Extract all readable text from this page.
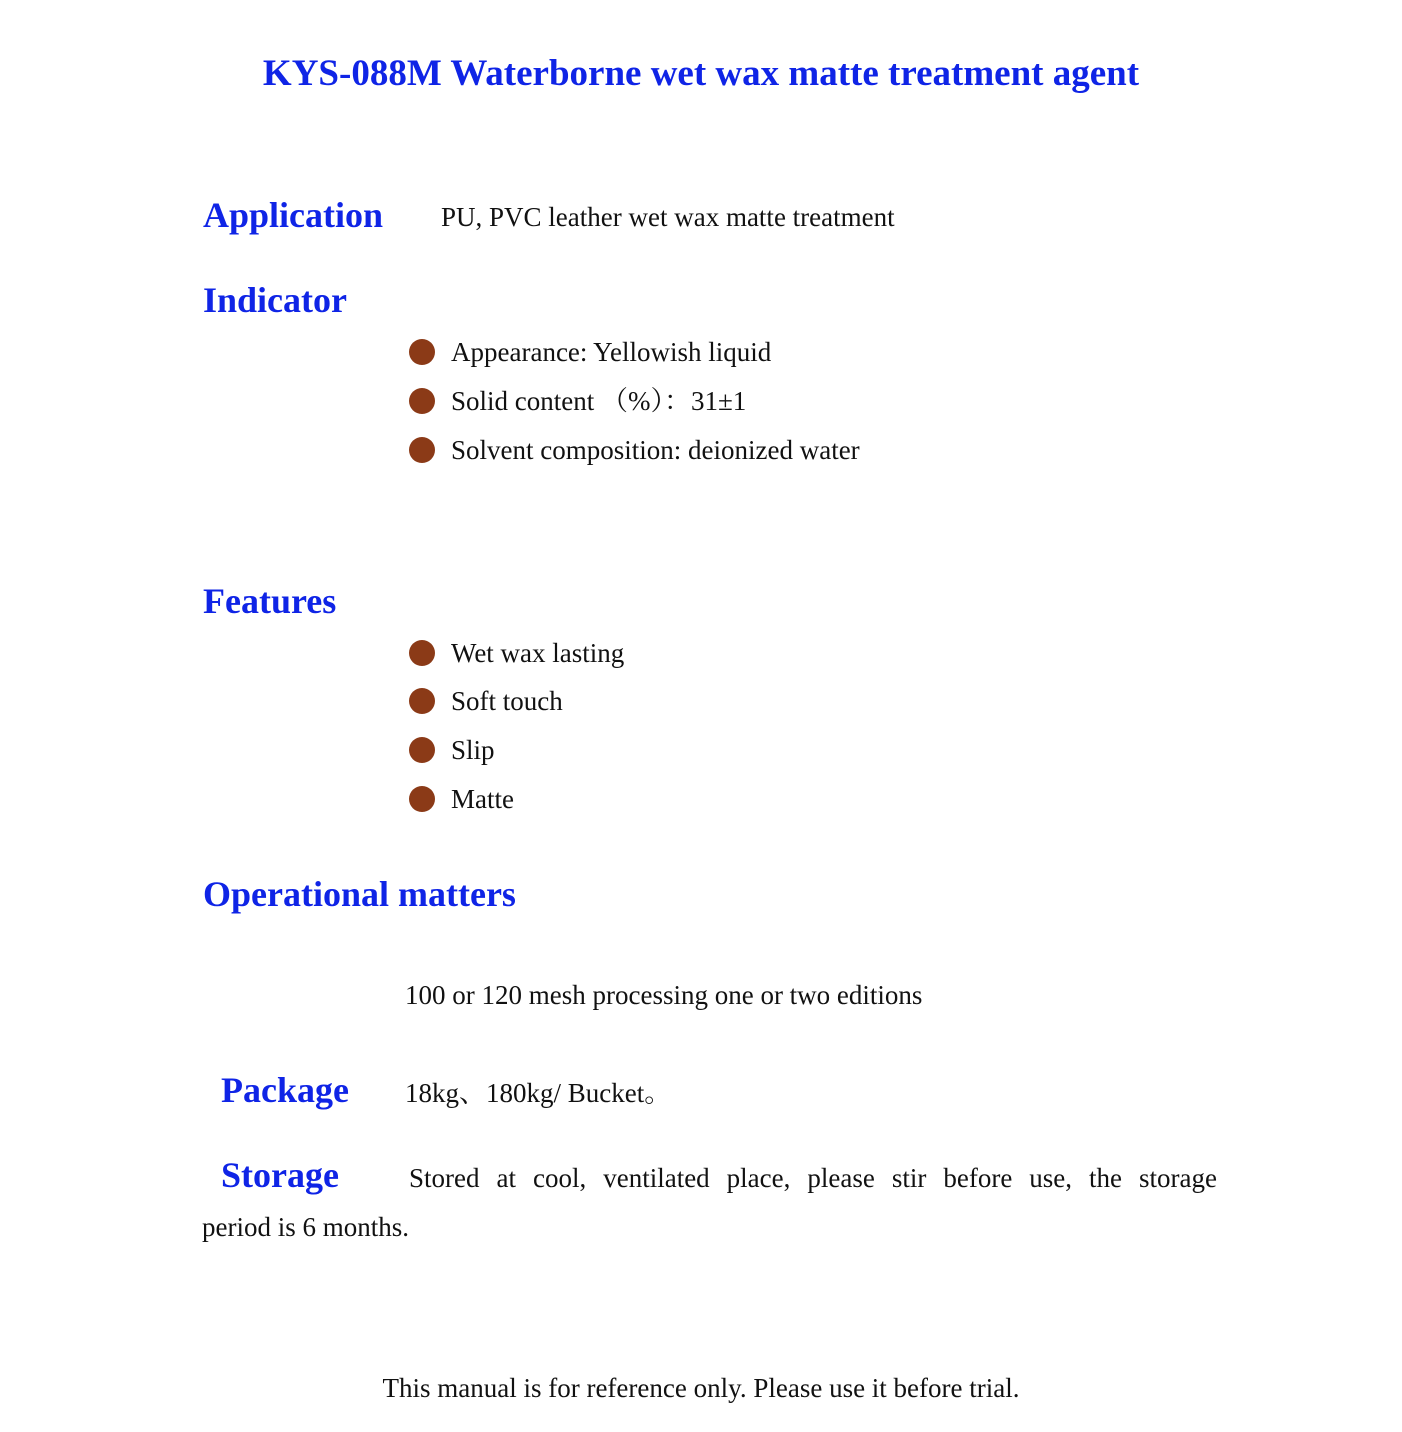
KYS-088M Waterborne wet wax matte treatment agent
Application PU, PVC leather wet wax matte treatment
Indicator
Appearance: Yellowish liquid
Solid content （%）：31±1
Solvent composition: deionized water
Features
Wet wax lasting
Soft touch
Slip
Matte
Operational matters
100 or 120 mesh processing one or two editions
Package 18kg、180kg/ Bucket。
Storage	Stored at cool, ventilated place, please stir before use, the storage
period is 6 months.
This manual is for reference only. Please use it before trial.
